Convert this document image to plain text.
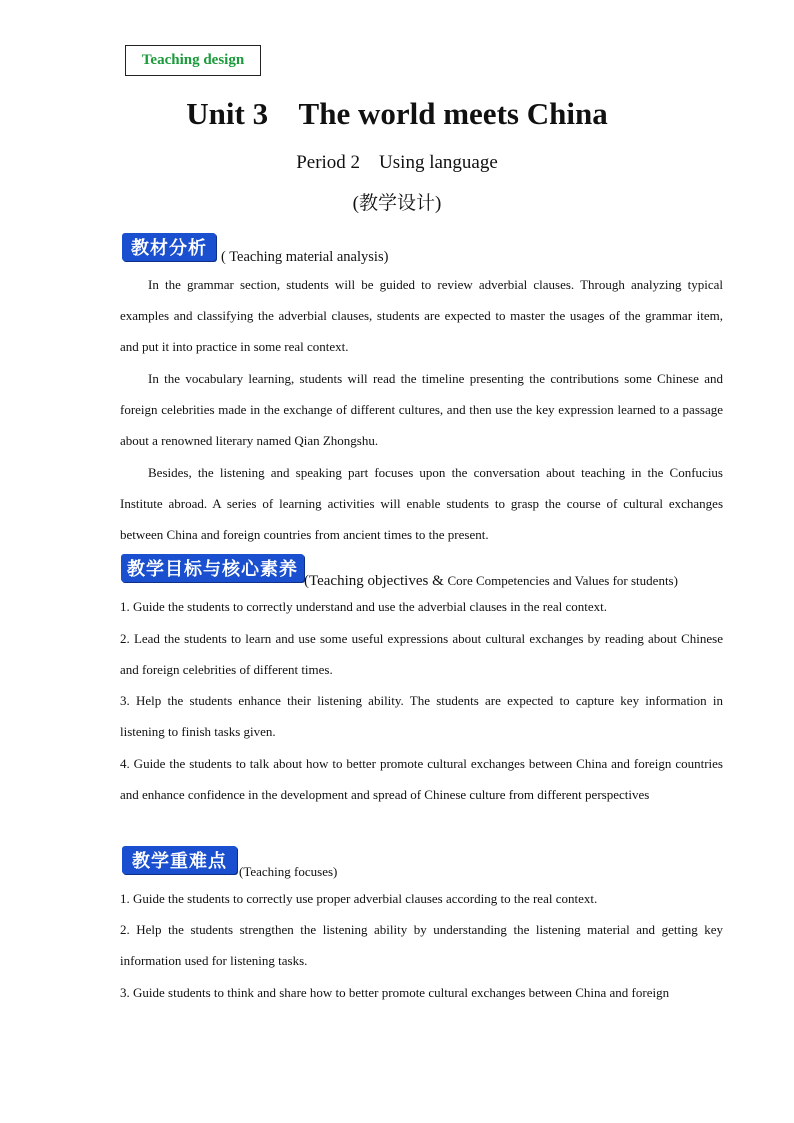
Teaching design
Unit 3    The world meets China
Period 2    Using language
(教学设计)
教材分析 ( Teaching material analysis)

In the grammar section, students will be guided to review adverbial clauses. Through analyzing typical examples and classifying the adverbial clauses, students are expected to master the usages of the grammar item, and put it into practice in some real context.

In the vocabulary learning, students will read the timeline presenting the contributions some Chinese and foreign celebrities made in the exchange of different cultures, and then use the key expression learned to a passage about a renowned literary named Qian Zhongshu.

Besides, the listening and speaking part focuses upon the conversation about teaching in the Confucius Institute abroad. A series of learning activities will enable students to grasp the course of cultural exchanges between China and foreign countries from ancient times to the present.

教学目标与核心素养
(Teaching objectives & Core Competencies and Values for students)

1. Guide the students to correctly understand and use the adverbial clauses in the real context.

2. Lead the students to learn and use some useful expressions about cultural exchanges by reading about Chinese and foreign celebrities of different times.

3. Help the students enhance their listening ability. The students are expected to capture key information in listening to finish tasks given.

4. Guide the students to talk about how to better promote cultural exchanges between China and foreign countries and enhance confidence in the development and spread of Chinese culture from different perspectives

教学重难点 (Teaching focuses)

1. Guide the students to correctly use proper adverbial clauses according to the real context.

2. Help the students strengthen the listening ability by understanding the listening material and getting key information used for listening tasks.

3. Guide students to think and share how to better promote cultural exchanges between China and foreign
